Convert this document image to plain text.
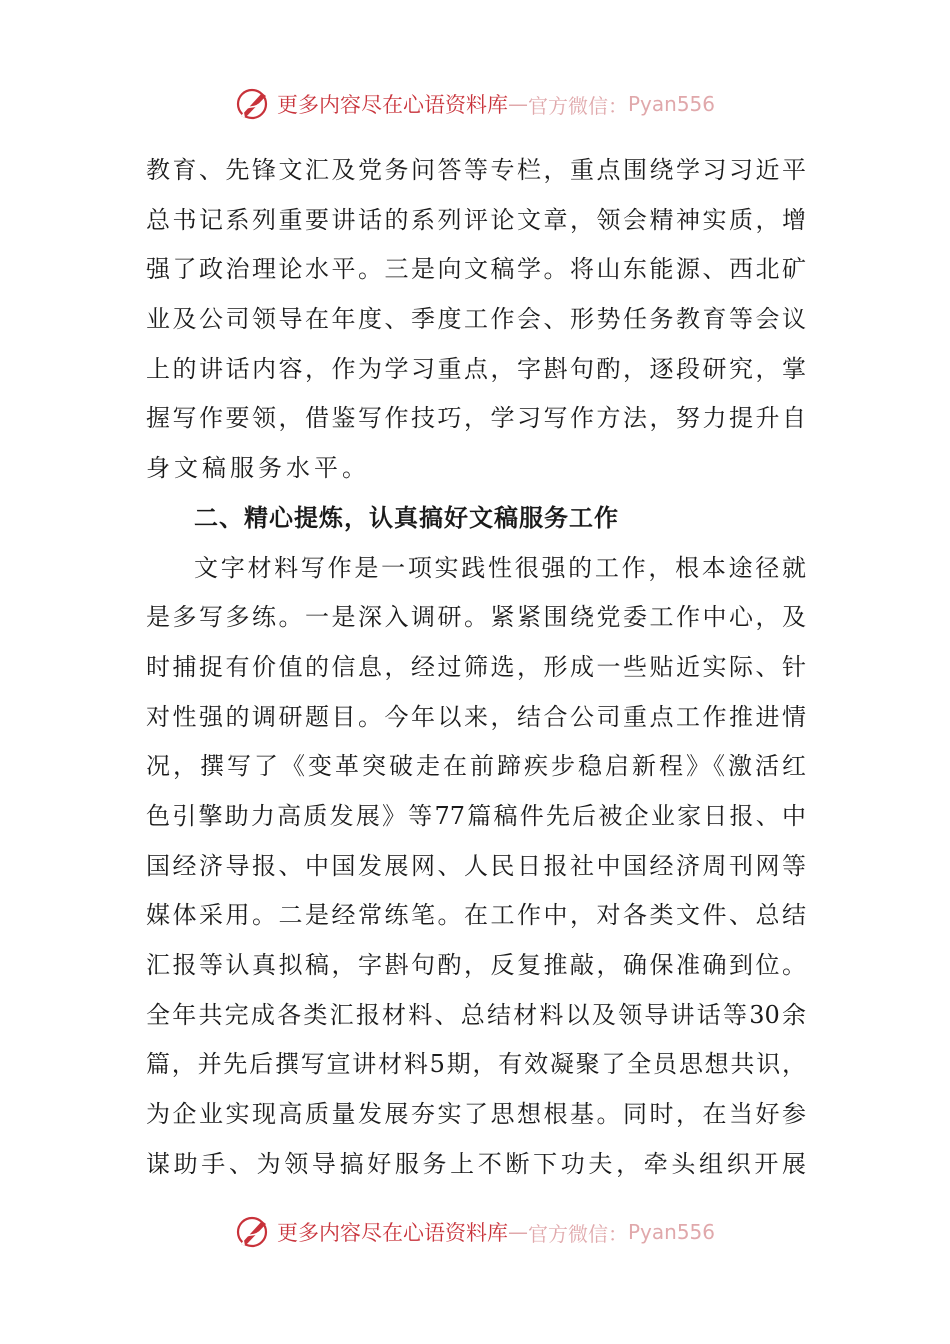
更多内容尽在心语资料库 — 官方微信： Pyan556
教育、先锋文汇及党务问答等专栏，重点围绕学习习近平
总书记系列重要讲话的系列评论文章，领会精神实质，增
强了政治理论水平。三是向文稿学。将山东能源、西北矿
业及公司领导在年度、季度工作会、形势任务教育等会议
上的讲话内容，作为学习重点，字斟句酌，逐段研究，掌
握写作要领，借鉴写作技巧，学习写作方法，努力提升自
身文稿服务水平。
二、精心提炼，认真搞好文稿服务工作
文字材料写作是一项实践性很强的工作，根本途径就
是多写多练。一是深入调研。紧紧围绕党委工作中心，及
时捕捉有价值的信息，经过筛选，形成一些贴近实际、针
对性强的调研题目。今年以来，结合公司重点工作推进情
况，撰写了《变革突破走在前蹄疾步稳启新程》《激活红
色引擎助力高质发展》等77篇稿件先后被企业家日报、中
国经济导报、中国发展网、人民日报社中国经济周刊网等
媒体采用。二是经常练笔。在工作中，对各类文件、总结
汇报等认真拟稿，字斟句酌，反复推敲，确保准确到位。
全年共完成各类汇报材料、总结材料以及领导讲话等30余
篇，并先后撰写宣讲材料5期，有效凝聚了全员思想共识，
为企业实现高质量发展夯实了思想根基。同时，在当好参
谋助手、为领导搞好服务上不断下功夫，牵头组织开展
更多内容尽在心语资料库 — 官方微信： Pyan556
